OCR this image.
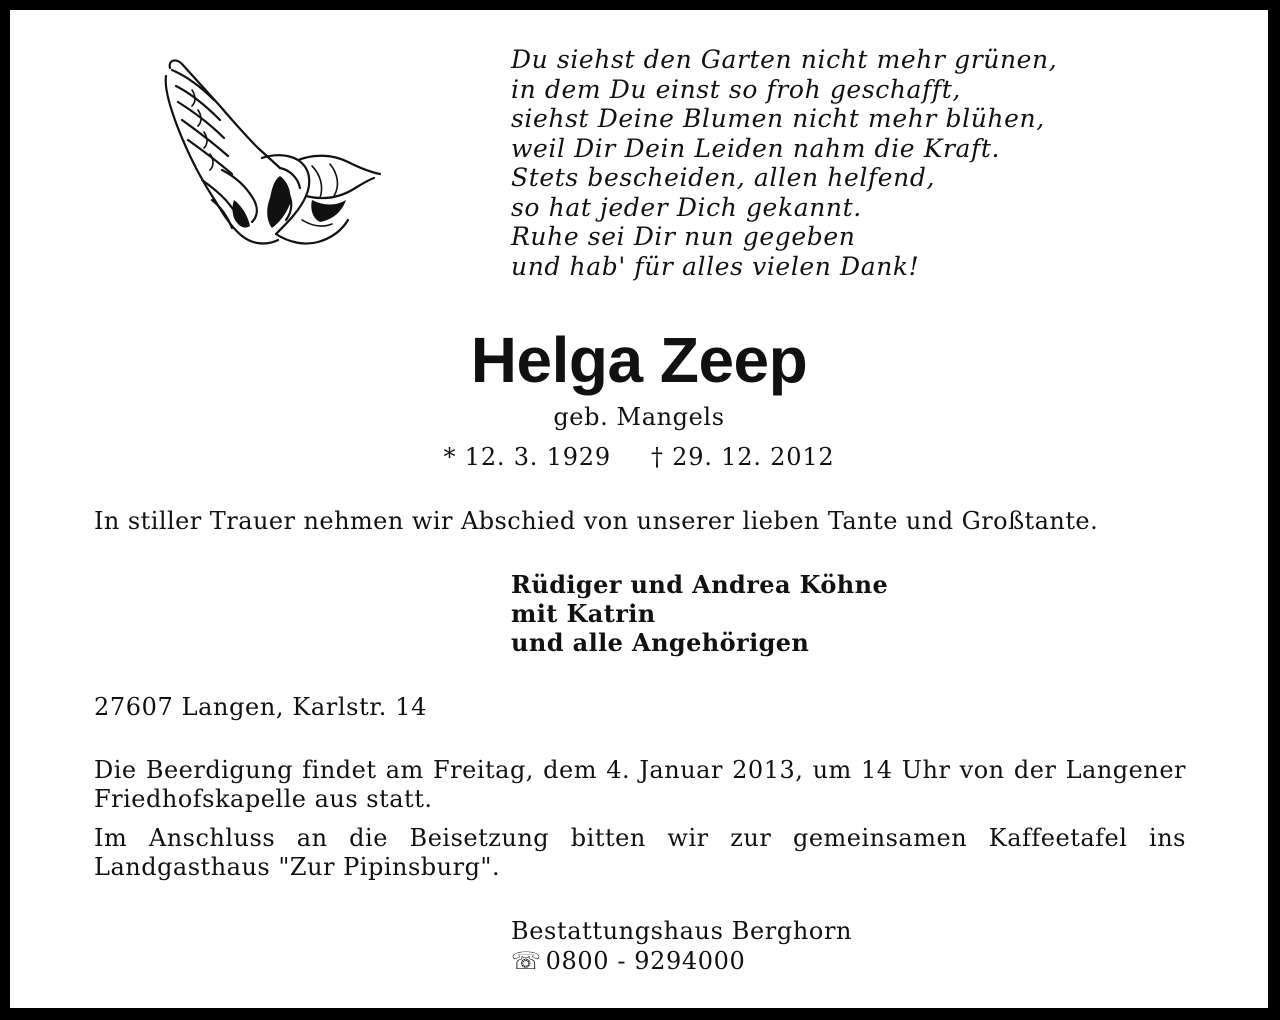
Du siehst den Garten nicht mehr grünen,
in dem Du einst so froh geschafft,
siehst Deine Blumen nicht mehr blühen,
weil Dir Dein Leiden nahm die Kraft.
Stets bescheiden, allen helfend,
so hat jeder Dich gekannt.
Ruhe sei Dir nun gegeben
und hab' für alles vielen Dank!
Helga Zeep
geb. Mangels
* 12. 3. 1929 † 29. 12. 2012
In stiller Trauer nehmen wir Abschied von unserer lieben Tante und Großtante.
Rüdiger und Andrea Köhne
mit Katrin
und alle Angehörigen
27607 Langen, Karlstr. 14
Die Beerdigung findet am Freitag, dem 4. Januar 2013, um 14 Uhr von der Langener Friedhofskapelle aus statt.
Im Anschluss an die Beisetzung bitten wir zur gemeinsamen Kaffeetafel ins Landgasthaus "Zur Pipinsburg".
Bestattungshaus Berghorn
☏ 0800 - 9294000
